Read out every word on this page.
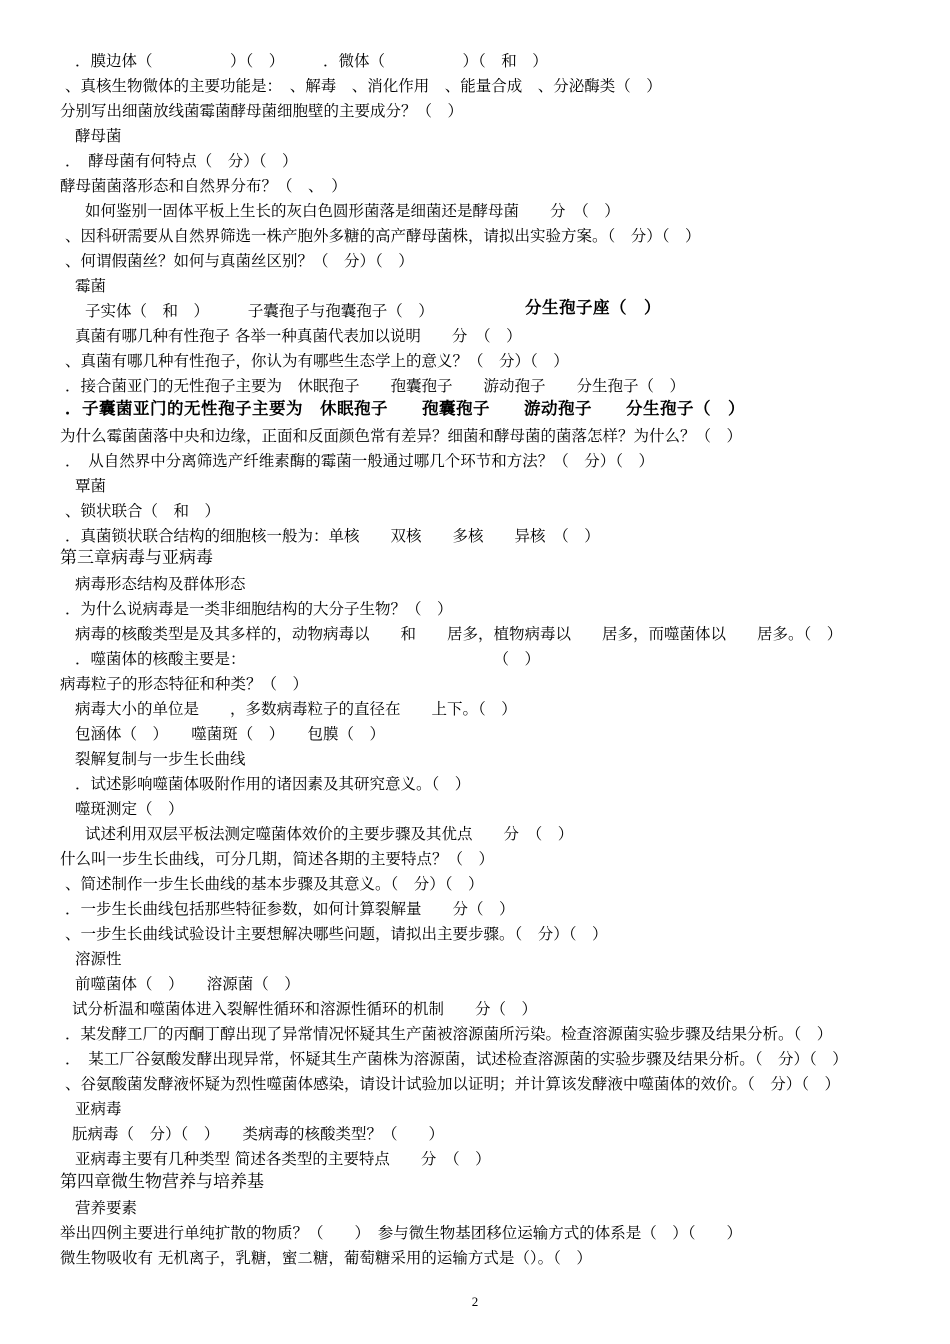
．膜边体（　　　　　）（　）　　　．微体（　　　　　）（　和　）
、真核生物微体的主要功能是：　、解毒　、消化作用　、能量合成　、分泌酶类（　）
分别写出细菌放线菌霉菌酵母菌细胞壁的主要成分？（　）
酵母菌
．　酵母菌有何特点（　分）（　）
酵母菌菌落形态和自然界分布？（　、　）
如何鉴别一固体平板上生长的灰白色圆形菌落是细菌还是酵母菌　　分　（　）
、因科研需要从自然界筛选一株产胞外多糖的高产酵母菌株，请拟出实验方案。（　分）（　）
、何谓假菌丝？如何与真菌丝区别？（　分）（　）
霉菌
子实体（　和　）　　　子囊孢子与孢囊孢子（　）
真菌有哪几种有性孢子 各举一种真菌代表加以说明　　分　（　）
、真菌有哪几种有性孢子，你认为有哪些生态学上的意义？（　分）（　）
．接合菌亚门的无性孢子主要为　休眠孢子　　孢囊孢子　　游动孢子　　分生孢子（　）
．子囊菌亚门的无性孢子主要为　休眠孢子　　孢囊孢子　　游动孢子　　分生孢子（　）
为什么霉菌菌落中央和边缘，正面和反面颜色常有差异？细菌和酵母菌的菌落怎样？为什么？（　）
．　从自然界中分离筛选产纤维素酶的霉菌一般通过哪几个环节和方法？（　分）（　）
覃菌
、锁状联合（　和　）
．真菌锁状联合结构的细胞核一般为：单核　　双核　　多核　　异核　（　）
第三章病毒与亚病毒
病毒形态结构及群体形态
．为什么说病毒是一类非细胞结构的大分子生物？（　）
病毒的核酸类型是及其多样的，动物病毒以　　和　　居多，植物病毒以　　居多，而噬菌体以　　居多。（　）
．噬菌体的核酸主要是：　　　　　　　　　　　　　　　　　（　）
病毒粒子的形态特征和种类？（　）
病毒大小的单位是　　，多数病毒粒子的直径在　　上下。（　）
包涵体（　）　　噬菌斑（　）　　包膜（　）
裂解复制与一步生长曲线
．试述影响噬菌体吸附作用的诸因素及其研究意义。（　）
噬斑测定（　）
试述利用双层平板法测定噬菌体效价的主要步骤及其优点　　分　（　）
什么叫一步生长曲线，可分几期，简述各期的主要特点？（　）
、简述制作一步生长曲线的基本步骤及其意义。（　分）（　）
．一步生长曲线包括那些特征参数，如何计算裂解量　　分（　）
、一步生长曲线试验设计主要想解决哪些问题，请拟出主要步骤。（　分）（　）
溶源性
前噬菌体（　）　　溶源菌（　）
试分析温和噬菌体进入裂解性循环和溶源性循环的机制　　分（　）
．某发酵工厂的丙酮丁醇出现了异常情况怀疑其生产菌被溶源菌所污染。检查溶源菌实验步骤及结果分析。（　）
．　某工厂谷氨酸发酵出现异常，怀疑其生产菌株为溶源菌，试述检查溶源菌的实验步骤及结果分析。（　分）（　）
、谷氨酸菌发酵液怀疑为烈性噬菌体感染，请设计试验加以证明；并计算该发酵液中噬菌体的效价。（　分）（　）
亚病毒
朊病毒（　分）（　）　　类病毒的核酸类型？（　　）
亚病毒主要有几种类型 简述各类型的主要特点　　分　（　）
第四章微生物营养与培养基
营养要素
举出四例主要进行单纯扩散的物质？（　　）　参与微生物基团移位运输方式的体系是（　）（　　）
微生物吸收有 无机离子，乳糖，蜜二糖，葡萄糖采用的运输方式是（）。（　）
分生孢子座（　）
2
